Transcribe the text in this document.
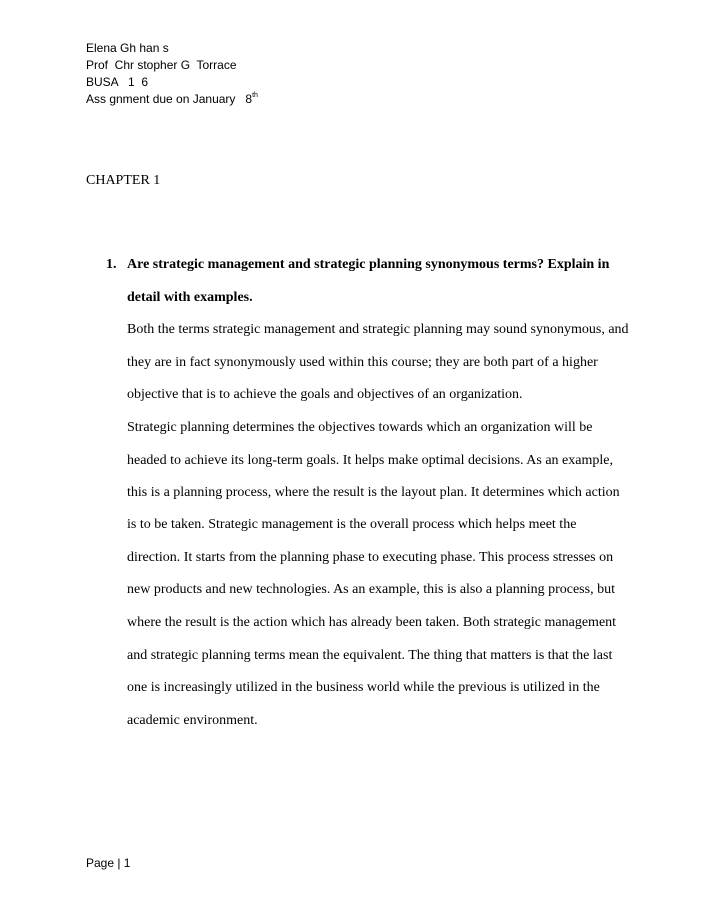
Elena Gh han s
Prof  Chr stopher G  Torrace
BUSA   1  6
Ass gnment due on January   8th
CHAPTER 1
1. Are strategic management and strategic planning synonymous terms? Explain in
detail with examples.
Both the terms strategic management and strategic planning may sound synonymous, and
they are in fact synonymously used within this course; they are both part of a higher
objective that is to achieve the goals and objectives of an organization.
Strategic planning determines the objectives towards which an organization will be
headed to achieve its long-term goals. It helps make optimal decisions. As an example,
this is a planning process, where the result is the layout plan. It determines which action
is to be taken. Strategic management is the overall process which helps meet the
direction. It starts from the planning phase to executing phase. This process stresses on
new products and new technologies. As an example, this is also a planning process, but
where the result is the action which has already been taken. Both strategic management
and strategic planning terms mean the equivalent. The thing that matters is that the last
one is increasingly utilized in the business world while the previous is utilized in the
academic environment.
Page | 1
